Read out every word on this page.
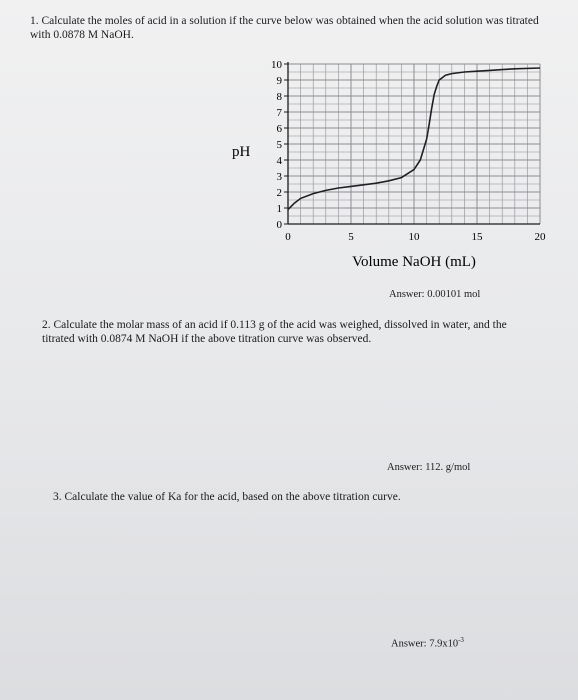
1. Calculate the moles of acid in a solution if the curve below was obtained when the acid solution was titrated with 0.0878 M NaOH.
0
1
2
3
4
5
6
7
8
9
10
0	5	10	15	20
pH
Volume NaOH (mL)
Answer: 0.00101 mol
2. Calculate the molar mass of an acid if 0.113 g of the acid was weighed, dissolved in water, and the titrated with 0.0874 M NaOH if the above titration curve was observed.
Answer: 112. g/mol
3. Calculate the value of Ka for the acid, based on the above titration curve.
Answer: $7.9x10^{-3}$
